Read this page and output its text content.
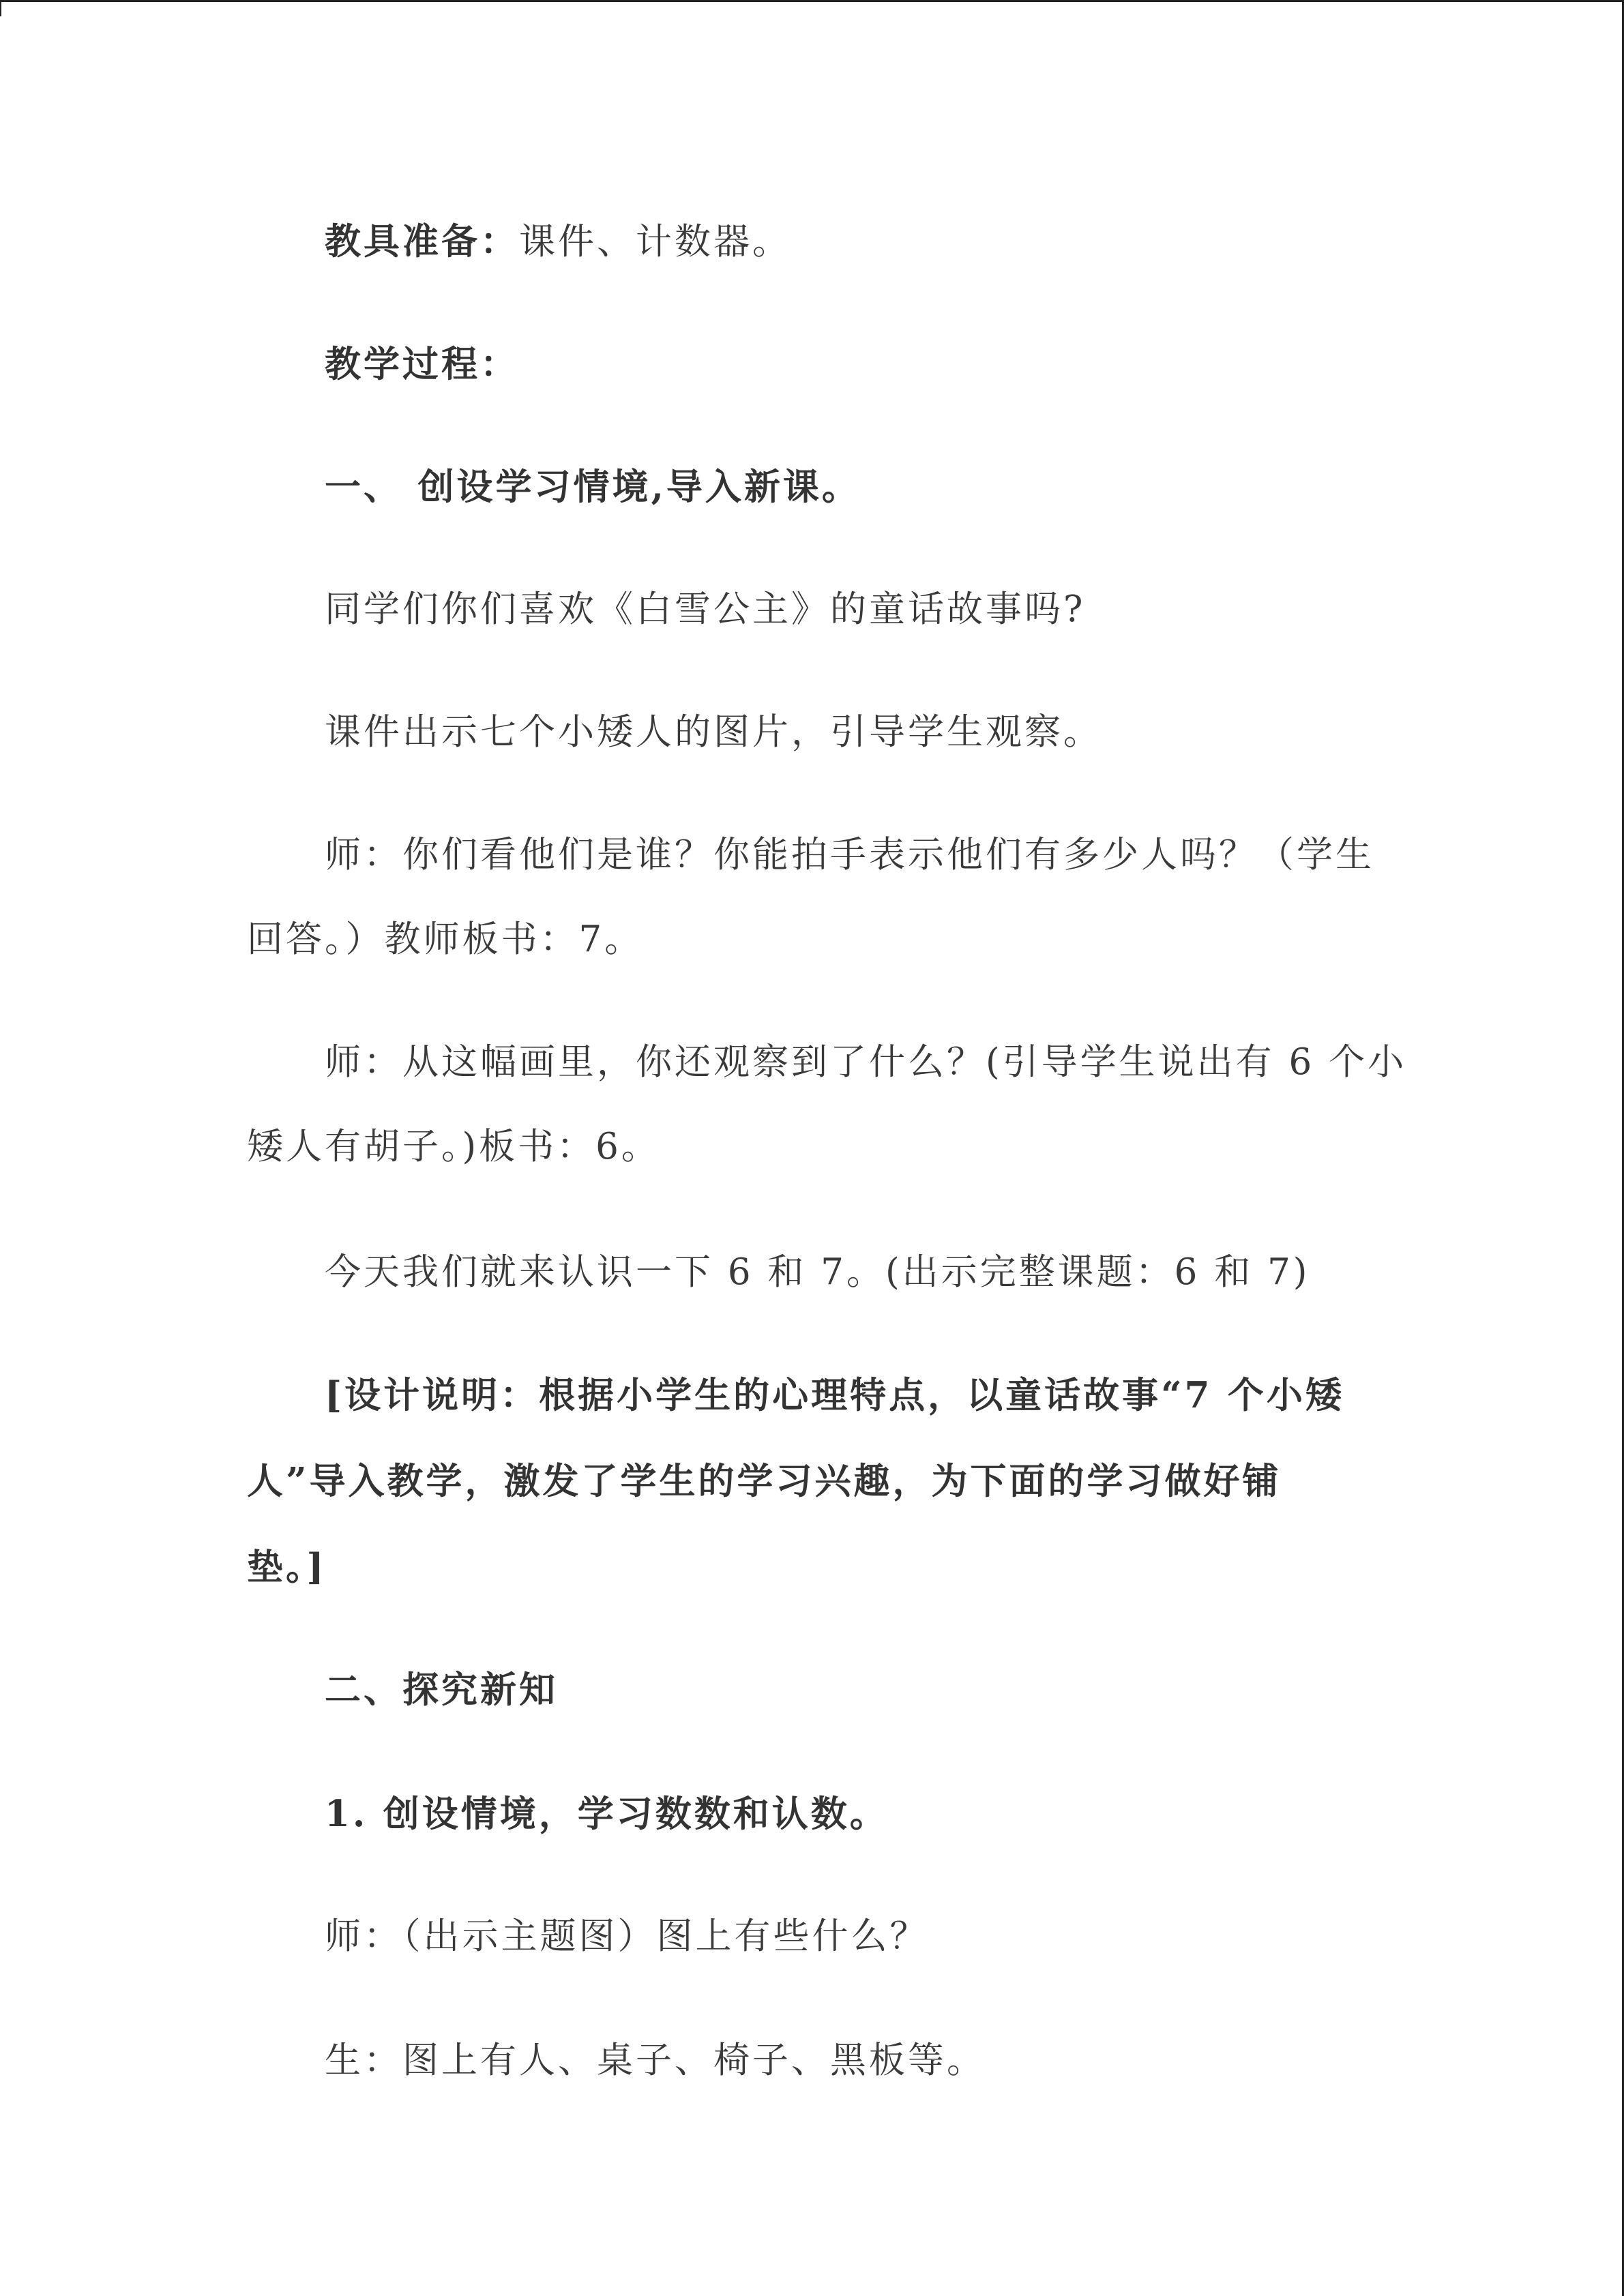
教具准备：课件、计数器。
教学过程：
一、 创设学习情境,导入新课。
同学们你们喜欢《白雪公主》的童话故事吗?
课件出示七个小矮人的图片，引导学生观察。
师：你们看他们是谁？你能拍手表示他们有多少人吗？（学生
回答。）教师板书：7。
师：从这幅画里，你还观察到了什么？(引导学生说出有 6 个小
矮人有胡子。)板书：6。
今天我们就来认识一下 6 和 7。(出示完整课题：6 和 7)
[设计说明：根据小学生的心理特点，以童话故事“7 个小矮
人”导入教学，激发了学生的学习兴趣，为下面的学习做好铺
垫。]
二、探究新知
1. 创设情境，学习数数和认数。
师：（出示主题图）图上有些什么？
生：图上有人、桌子、椅子、黑板等。
